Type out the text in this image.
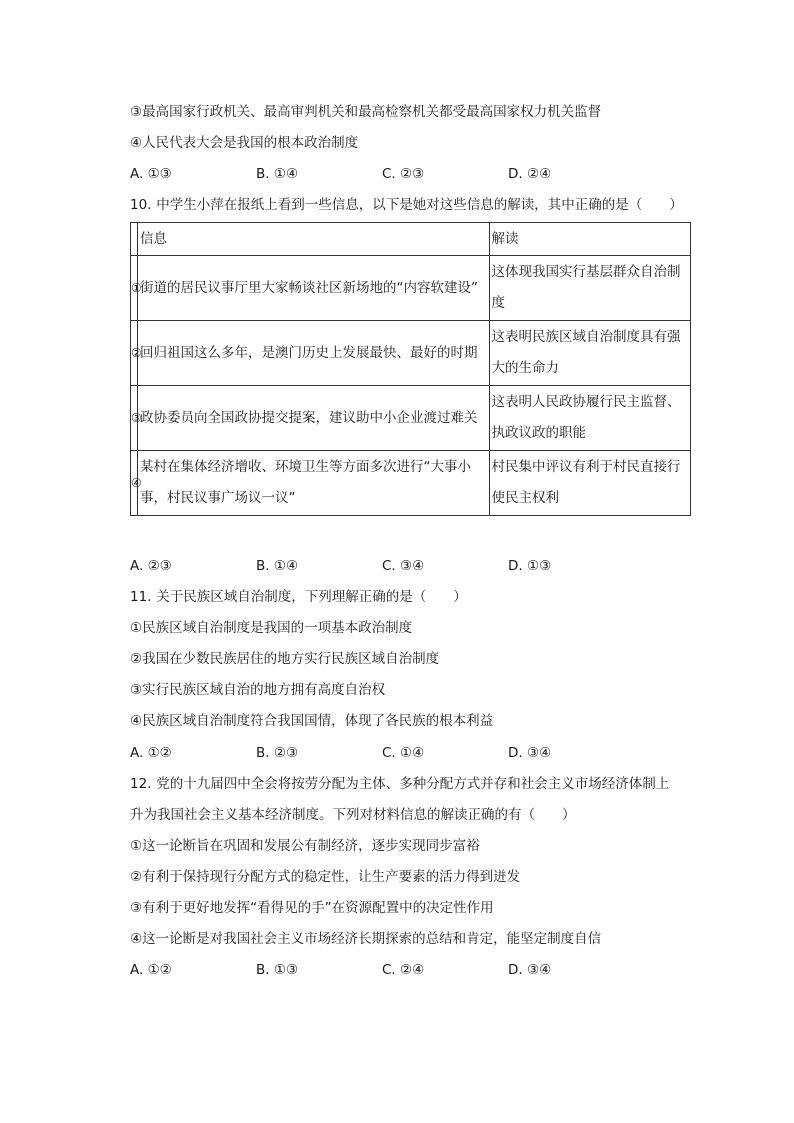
③最高国家行政机关、最高审判机关和最高检察机关都受最高国家权力机关监督
④人民代表大会是我国的根本政治制度
A. ①③	B. ①④	C. ②③	D. ②④
10. 中学生小萍在报纸上看到一些信息，以下是她对这些信息的解读，其中正确的是（　　）
	信息	解读
①	街道的居民议事厅里大家畅谈社区新场地的“内容软建设”	这体现我国实行基层群众自治制度
②	回归祖国这么多年，是澳门历史上发展最快、最好的时期	这表明民族区域自治制度具有强大的生命力
③	政协委员向全国政协提交提案，建议助中小企业渡过难关	这表明人民政协履行民主监督、执政议政的职能
④	某村在集体经济增收、环境卫生等方面多次进行“大事小事，村民议事广场议一议”	村民集中评议有利于村民直接行使民主权利
A. ②③	B. ①④	C. ③④	D. ①③
11. 关于民族区域自治制度，下列理解正确的是（　　）
①民族区域自治制度是我国的一项基本政治制度
②我国在少数民族居住的地方实行民族区域自治制度
③实行民族区域自治的地方拥有高度自治权
④民族区域自治制度符合我国国情，体现了各民族的根本利益
A. ①②	B. ②③	C. ①④	D. ③④
12. 党的十九届四中全会将按劳分配为主体、多种分配方式并存和社会主义市场经济体制上
升为我国社会主义基本经济制度。下列对材料信息的解读正确的有（　　）
①这一论断旨在巩固和发展公有制经济，逐步实现同步富裕
②有利于保持现行分配方式的稳定性，让生产要素的活力得到迸发
③有利于更好地发挥“看得见的手”在资源配置中的决定性作用
④这一论断是对我国社会主义市场经济长期探索的总结和肯定，能坚定制度自信
A. ①②	B. ①③	C. ②④	D. ③④
